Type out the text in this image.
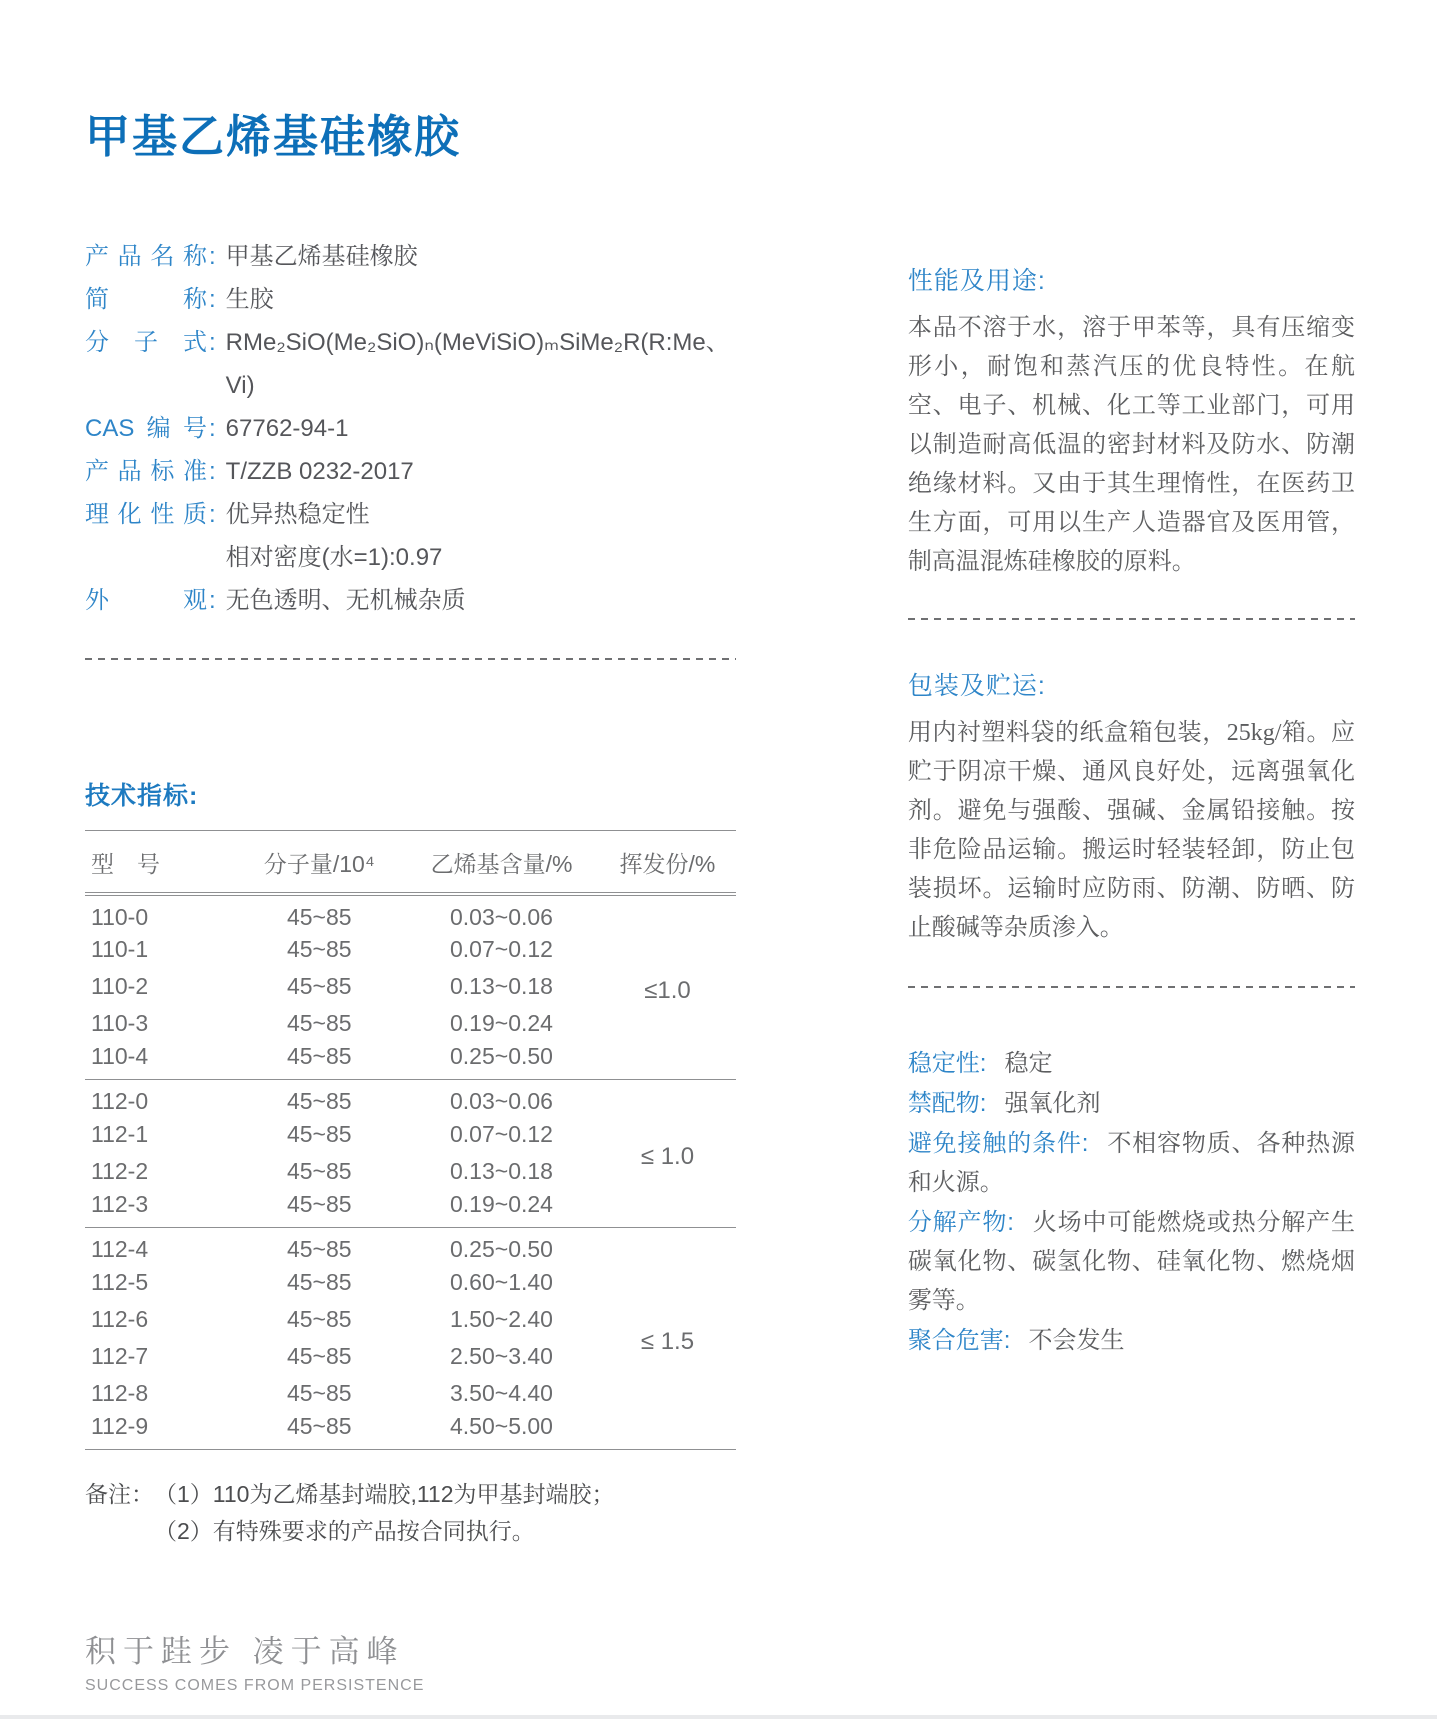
甲基乙烯基硅橡胶
产品名称 : 甲基乙烯基硅橡胶
简称 : 生胶
分子式 : RMe₂SiO(Me₂SiO)ₙ(MeViSiO)ₘSiMe₂R(R:Me、Vi)
CAS编号 : 67762-94-1
产品标准 : T/ZZB 0232-2017
理化性质 : 优异热稳定性
相对密度(水=1):0.97
外观 : 无色透明、无机械杂质
技术指标:
型　号	分子量/10⁴	乙烯基含量/%	挥发份/%
110-0	45~85	0.03~0.06	≤1.0
110-1	45~85	0.07~0.12	
110-2	45~85	0.13~0.18	
110-3	45~85	0.19~0.24	
110-4	45~85	0.25~0.50	
112-0	45~85	0.03~0.06	≤ 1.0
112-1	45~85	0.07~0.12	
112-2	45~85	0.13~0.18	
112-3	45~85	0.19~0.24	
112-4	45~85	0.25~0.50	≤ 1.5
112-5	45~85	0.60~1.40	
112-6	45~85	1.50~2.40	
112-7	45~85	2.50~3.40	
112-8	45~85	3.50~4.40	
112-9	45~85	4.50~5.00	
备注： （1）110为乙烯基封端胶,112为甲基封端胶；
（2）有特殊要求的产品按合同执行。
性能及用途:

本品不溶于水，溶于甲苯等，具有压缩变形小，耐饱和蒸汽压的优良特性。在航空、电子、机械、化工等工业部门，可用以制造耐高低温的密封材料及防水、防潮绝缘材料。又由于其生理惰性，在医药卫生方面，可用以生产人造器官及医用管，制高温混炼硅橡胶的原料。

包装及贮运:

用内衬塑料袋的纸盒箱包装，25kg/箱。应贮于阴凉干燥、通风良好处，远离强氧化剂。避免与强酸、强碱、金属铅接触。按非危险品运输。搬运时轻装轻卸，防止包装损坏。运输时应防雨、防潮、防晒、防止酸碱等杂质渗入。

稳定性: 稳定

禁配物: 强氧化剂

避免接触的条件: 不相容物质、各种热源和火源。

分解产物: 火场中可能燃烧或热分解产生碳氧化物、碳氢化物、硅氧化物、燃烧烟雾等。

聚合危害: 不会发生

积于跬步 凌于高峰
SUCCESS COMES FROM PERSISTENCE
